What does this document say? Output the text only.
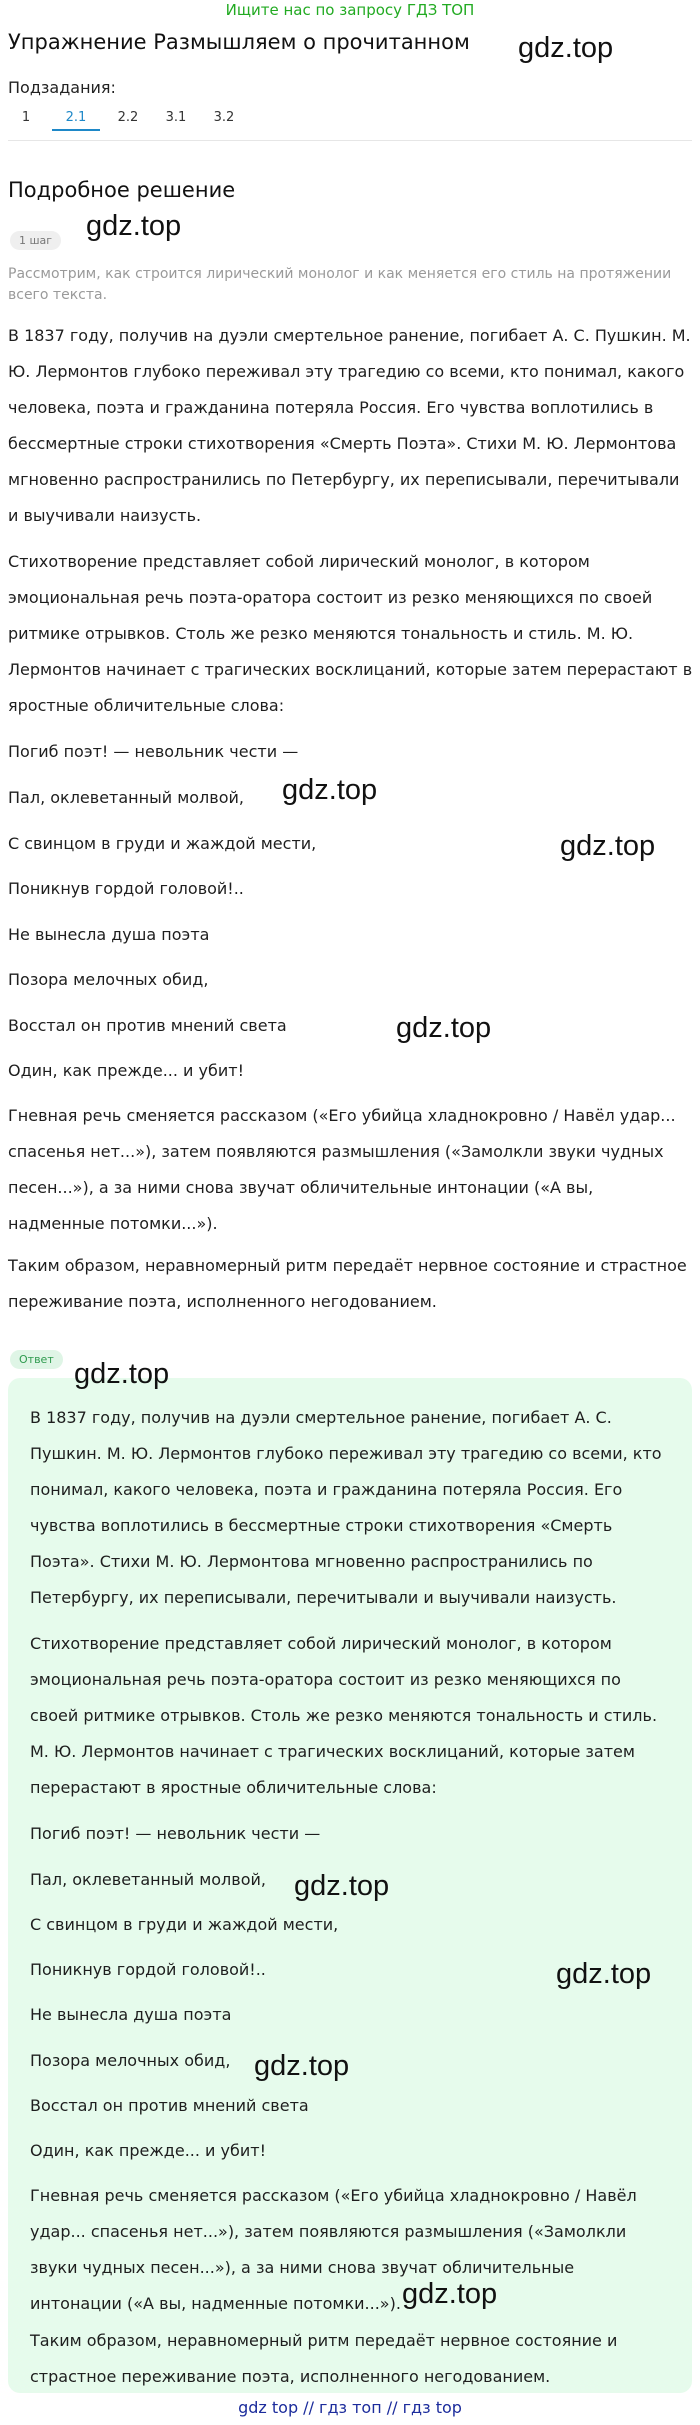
Ищите нас по запросу ГДЗ ТОП
Упражнение Размышляем о прочитанном
Подзадания:
1	2.1	2.2	3.1	3.2
Подробное решение
1 шаг
Рассмотрим, как строится лирический монолог и как меняется его стиль на протяжении всего текста.

В 1837 году, получив на дуэли смертельное ранение, погибает А. С. Пушкин. М. Ю. Лермонтов глубоко переживал эту трагедию со всеми, кто понимал, какого человека, поэта и гражданина потеряла Россия. Его чувства воплотились в бессмертные строки стихотворения «Смерть Поэта». Стихи М. Ю. Лермонтова мгновенно распространились по Петербургу, их переписывали, перечитывали и выучивали наизусть.

Стихотворение представляет собой лирический монолог, в котором эмоциональная речь поэта-оратора состоит из резко меняющихся по своей ритмике отрывков. Столь же резко меняются тональность и стиль. М. Ю. Лермонтов начинает с трагических восклицаний, которые затем перерастают в яростные обличительные слова:

Погиб поэт! — невольник чести —

Пал, оклеветанный молвой,

С свинцом в груди и жаждой мести,

Поникнув гордой головой!..

Не вынесла душа поэта

Позора мелочных обид,

Восстал он против мнений света

Один, как прежде... и убит!

Гневная речь сменяется рассказом («Его убийца хладнокровно / Навёл удар... спасенья нет...»), затем появляются размышления («Замолкли звуки чудных песен...»), а за ними снова звучат обличительные интонации («А вы, надменные потомки...»).

Таким образом, неравномерный ритм передаёт нервное состояние и страстное переживание поэта, исполненного негодованием.

Ответ

В 1837 году, получив на дуэли смертельное ранение, погибает А. С. Пушкин. М. Ю. Лермонтов глубоко переживал эту трагедию со всеми, кто понимал, какого человека, поэта и гражданина потеряла Россия. Его чувства воплотились в бессмертные строки стихотворения «Смерть Поэта». Стихи М. Ю. Лермонтова мгновенно распространились по Петербургу, их переписывали, перечитывали и выучивали наизусть.

Стихотворение представляет собой лирический монолог, в котором эмоциональная речь поэта-оратора состоит из резко меняющихся по своей ритмике отрывков. Столь же резко меняются тональность и стиль. М. Ю. Лермонтов начинает с трагических восклицаний, которые затем перерастают в яростные обличительные слова:

Погиб поэт! — невольник чести —

Пал, оклеветанный молвой,

С свинцом в груди и жаждой мести,

Поникнув гордой головой!..

Не вынесла душа поэта

Позора мелочных обид,

Восстал он против мнений света

Один, как прежде... и убит!

Гневная речь сменяется рассказом («Его убийца хладнокровно / Навёл удар... спасенья нет...»), затем появляются размышления («Замолкли звуки чудных песен...»), а за ними снова звучат обличительные интонации («А вы, надменные потомки...»).

Таким образом, неравномерный ритм передаёт нервное состояние и страстное переживание поэта, исполненного негодованием.

gdz.top
gdz.top
gdz.top
gdz.top
gdz.top
gdz.top
gdz.top
gdz.top
gdz.top
gdz.top
gdz top // гдз топ // гдз top
